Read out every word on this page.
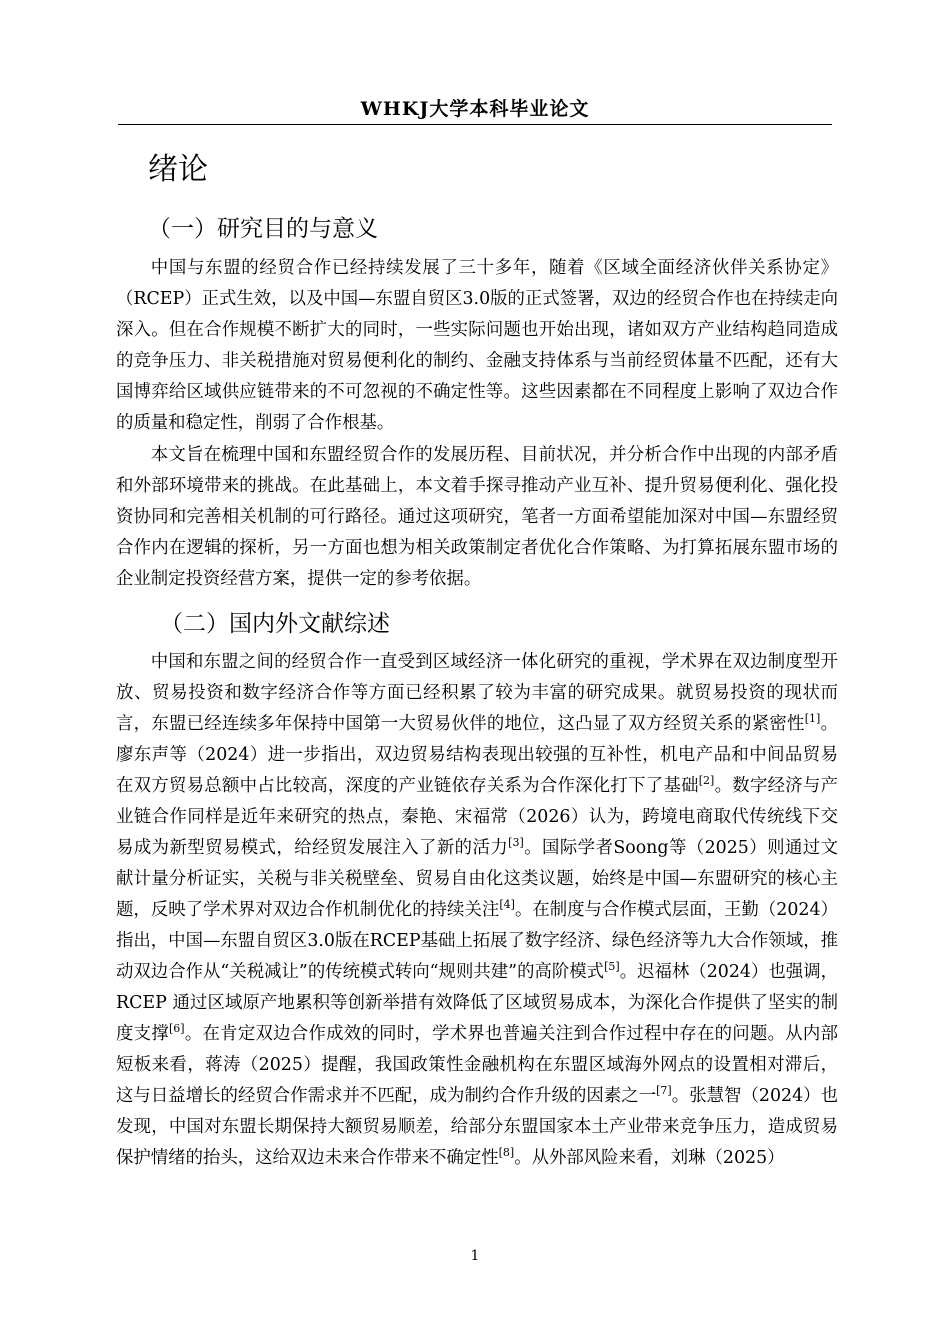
WHKJ大学本科毕业论文
绪论
（一）研究目的与意义

中国与东盟的经贸合作已经持续发展了三十多年，随着《区域全面经济伙伴关系协定》（RCEP）正式生效，以及中国—东盟自贸区3.0版的正式签署，双边的经贸合作也在持续走向深入。但在合作规模不断扩大的同时，一些实际问题也开始出现，诸如双方产业结构趋同造成的竞争压力、非关税措施对贸易便利化的制约、金融支持体系与当前经贸体量不匹配，还有大国博弈给区域供应链带来的不可忽视的不确定性等。这些因素都在不同程度上影响了双边合作的质量和稳定性，削弱了合作根基。

本文旨在梳理中国和东盟经贸合作的发展历程、目前状况，并分析合作中出现的内部矛盾和外部环境带来的挑战。在此基础上，本文着手探寻推动产业互补、提升贸易便利化、强化投资协同和完善相关机制的可行路径。通过这项研究，笔者一方面希望能加深对中国—东盟经贸合作内在逻辑的探析，另一方面也想为相关政策制定者优化合作策略、为打算拓展东盟市场的企业制定投资经营方案，提供一定的参考依据。

（二）国内外文献综述

中国和东盟之间的经贸合作一直受到区域经济一体化研究的重视，学术界在双边制度型开放、贸易投资和数字经济合作等方面已经积累了较为丰富的研究成果。就贸易投资的现状而言，东盟已经连续多年保持中国第一大贸易伙伴的地位，这凸显了双方经贸关系的紧密性[1]。廖东声等（2024）进一步指出，双边贸易结构表现出较强的互补性，机电产品和中间品贸易在双方贸易总额中占比较高，深度的产业链依存关系为合作深化打下了基础[2]。数字经济与产业链合作同样是近年来研究的热点，秦艳、宋福常（2026）认为，跨境电商取代传统线下交易成为新型贸易模式，给经贸发展注入了新的活力[3]。国际学者Soong等（2025）则通过文献计量分析证实，关税与非关税壁垒、贸易自由化这类议题，始终是中国—东盟研究的核心主题，反映了学术界对双边合作机制优化的持续关注[4]。在制度与合作模式层面，王勤（2024）指出，中国—东盟自贸区3.0版在RCEP基础上拓展了数字经济、绿色经济等九大合作领域，推动双边合作从“关税减让”的传统模式转向“规则共建”的高阶模式[5]。迟福林（2024）也强调，RCEP 通过区域原产地累积等创新举措有效降低了区域贸易成本，为深化合作提供了坚实的制度支撑[6]。在肯定双边合作成效的同时，学术界也普遍关注到合作过程中存在的问题。从内部短板来看，蒋涛（2025）提醒，我国政策性金融机构在东盟区域海外网点的设置相对滞后，这与日益增长的经贸合作需求并不匹配，成为制约合作升级的因素之一[7]。张慧智（2024）也发现，中国对东盟长期保持大额贸易顺差，给部分东盟国家本土产业带来竞争压力，造成贸易保护情绪的抬头，这给双边未来合作带来不确定性[8]。从外部风险来看，刘琳（2025）

1
